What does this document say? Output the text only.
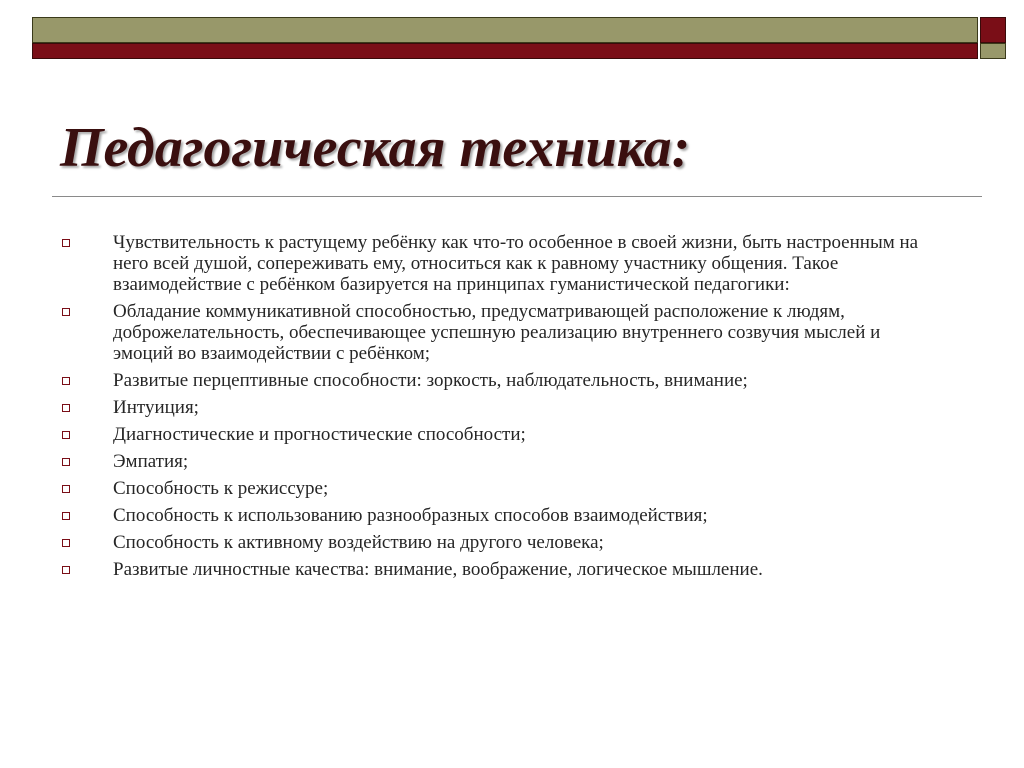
Педагогическая техника:
Чувствительность к растущему ребёнку как что-то особенное в своей жизни, быть настроенным на него всей душой, сопереживать ему, относиться как к равному участнику общения. Такое взаимодействие с ребёнком базируется на принципах гуманистической педагогики:
Обладание коммуникативной способностью, предусматривающей расположение к людям, доброжелательность, обеспечивающее успешную реализацию внутреннего созвучия мыслей и эмоций во взаимодействии с ребёнком;
Развитые перцептивные способности: зоркость, наблюдательность, внимание;
Интуиция;
Диагностические и прогностические способности;
Эмпатия;
Способность к режиссуре;
Способность к использованию разнообразных способов взаимодействия;
Способность к активному воздействию на другого человека;
Развитые личностные качества: внимание, воображение, логическое мышление.
